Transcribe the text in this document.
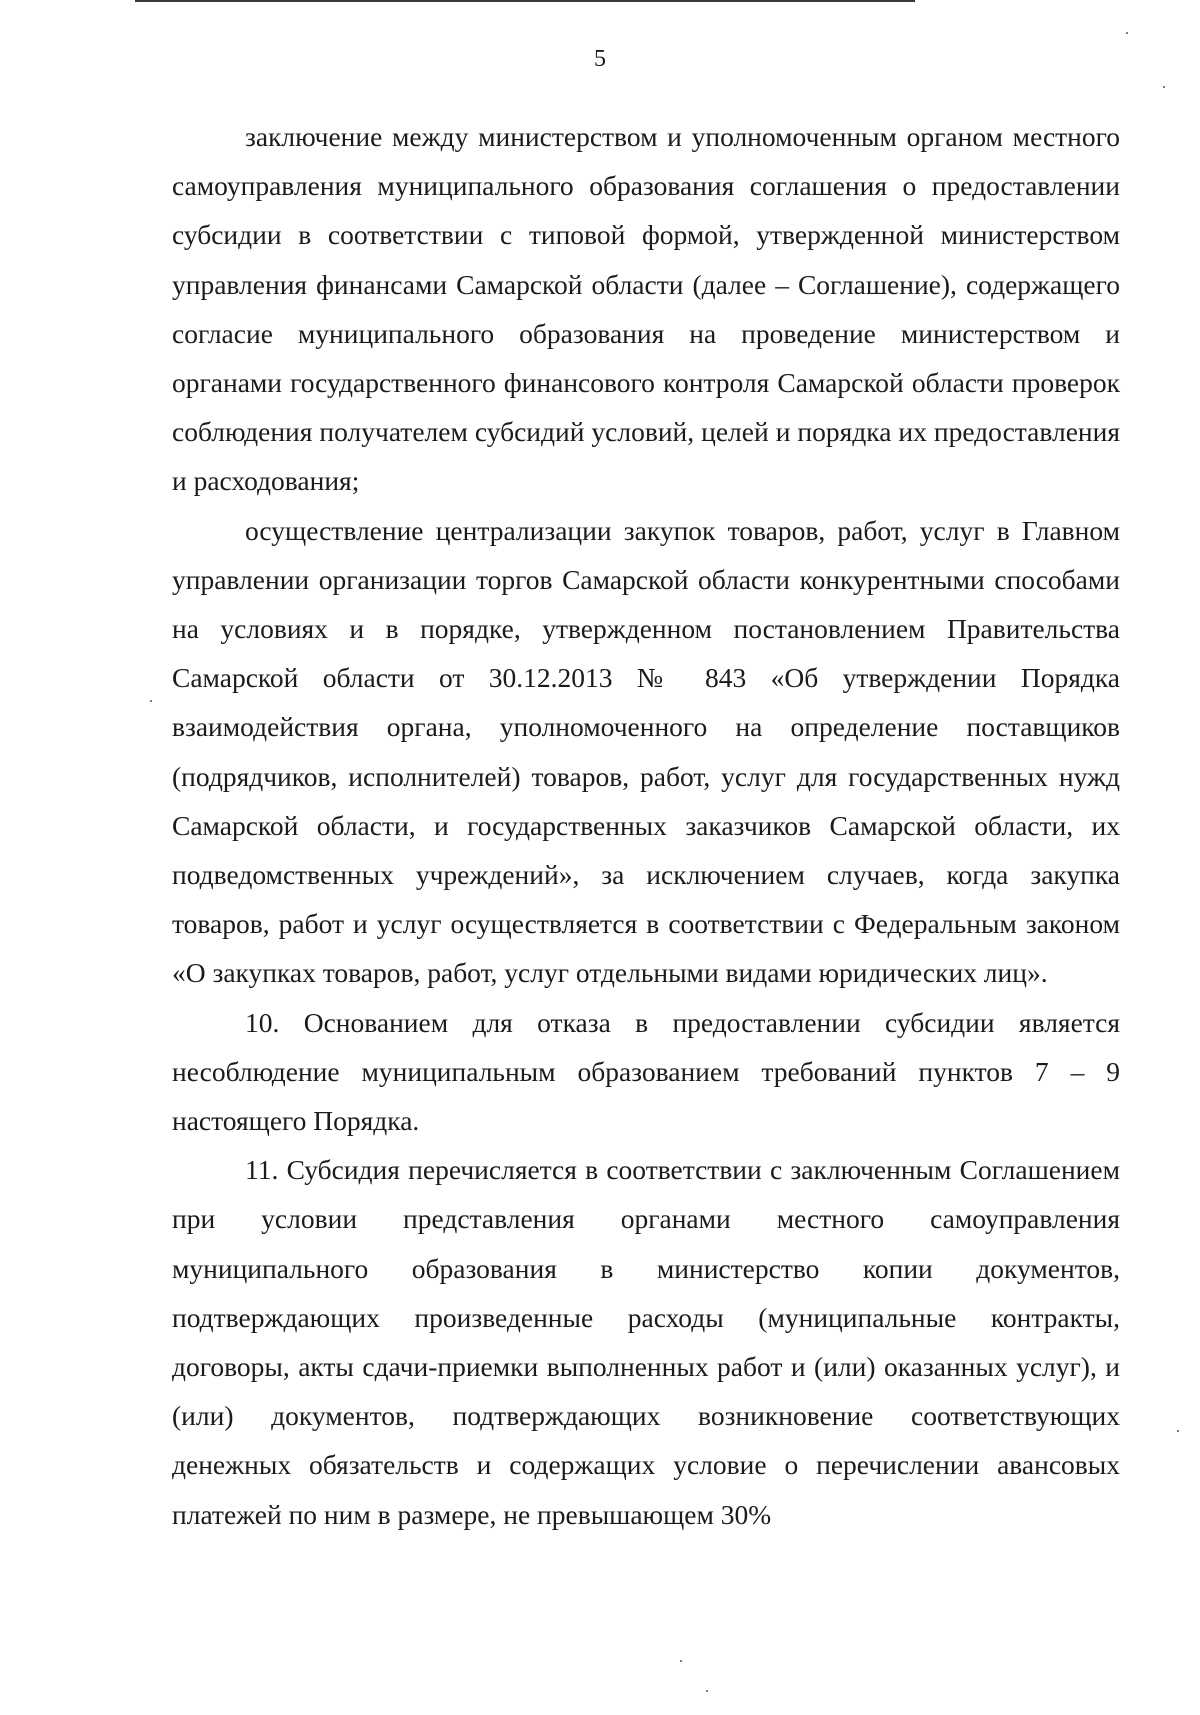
5

заключение между министерством и уполномоченным органом местного самоуправления муниципального образования соглашения о предоставлении субсидии в соответствии с типовой формой, утвержденной министерством управления финансами Самарской области (далее – Соглашение), содержащего согласие муниципального образования на проведение министерством и органами государственного финансового контроля Самарской области проверок соблюдения получателем субсидий условий, целей и порядка их предоставления и расходования;

осуществление централизации закупок товаров, работ, услуг в Главном управлении организации торгов Самарской области конкурентными способами на условиях и в порядке, утвержденном постановлением Правительства Самарской области от 30.12.2013 № 843 «Об утверждении Порядка взаимодействия органа, уполномоченного на определение поставщиков (подрядчиков, исполнителей) товаров, работ, услуг для государственных нужд Самарской области, и государственных заказчиков Самарской области, их подведомственных учреждений», за исключением случаев, когда закупка товаров, работ и услуг осуществляется в соответствии с Федеральным законом «О закупках товаров, работ, услуг отдельными видами юридических лиц».

10. Основанием для отказа в предоставлении субсидии является несоблюдение муниципальным образованием требований пунктов 7 – 9 настоящего Порядка.

11. Субсидия перечисляется в соответствии с заключенным Соглашением при условии представления органами местного самоуправления муниципального образования в министерство копии документов, подтверждающих произведенные расходы (муниципальные контракты, договоры, акты сдачи-приемки выполненных работ и (или) оказанных услуг), и (или) документов, подтверждающих возникновение соответствующих денежных обязательств и содержащих условие о перечислении авансовых платежей по ним в размере, не превышающем 30%
